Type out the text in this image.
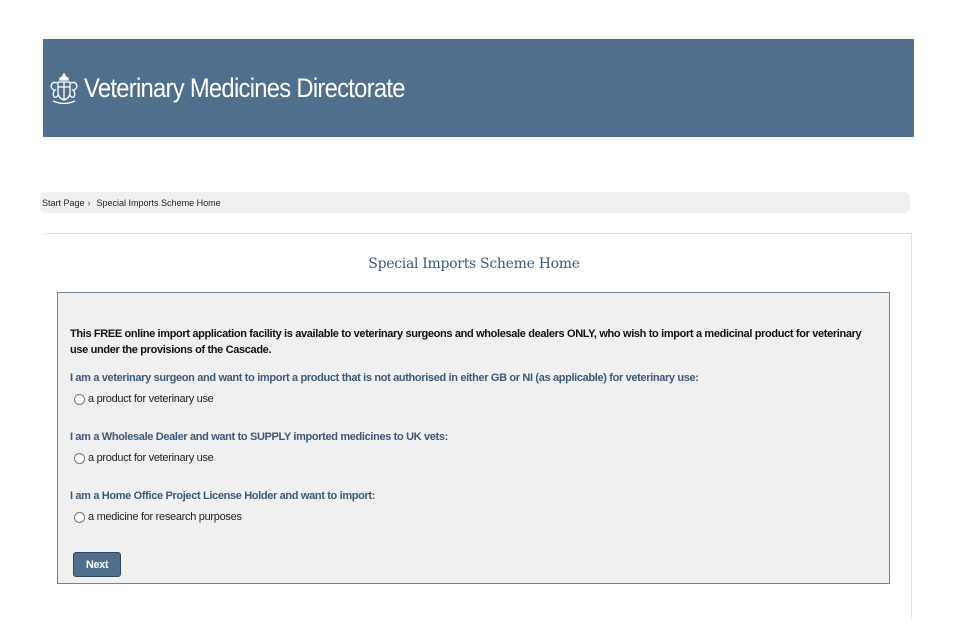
Veterinary Medicines Directorate
Start Page › Special Imports Scheme Home
Special Imports Scheme Home
This FREE online import application facility is available to veterinary surgeons and wholesale dealers ONLY, who wish to import a medicinal product for veterinary use under the provisions of the Cascade.
I am a veterinary surgeon and want to import a product that is not authorised in either GB or NI (as applicable) for veterinary use:
a product for veterinary use
I am a Wholesale Dealer and want to SUPPLY imported medicines to UK vets:
a product for veterinary use
I am a Home Office Project License Holder and want to import:
a medicine for research purposes
Next
